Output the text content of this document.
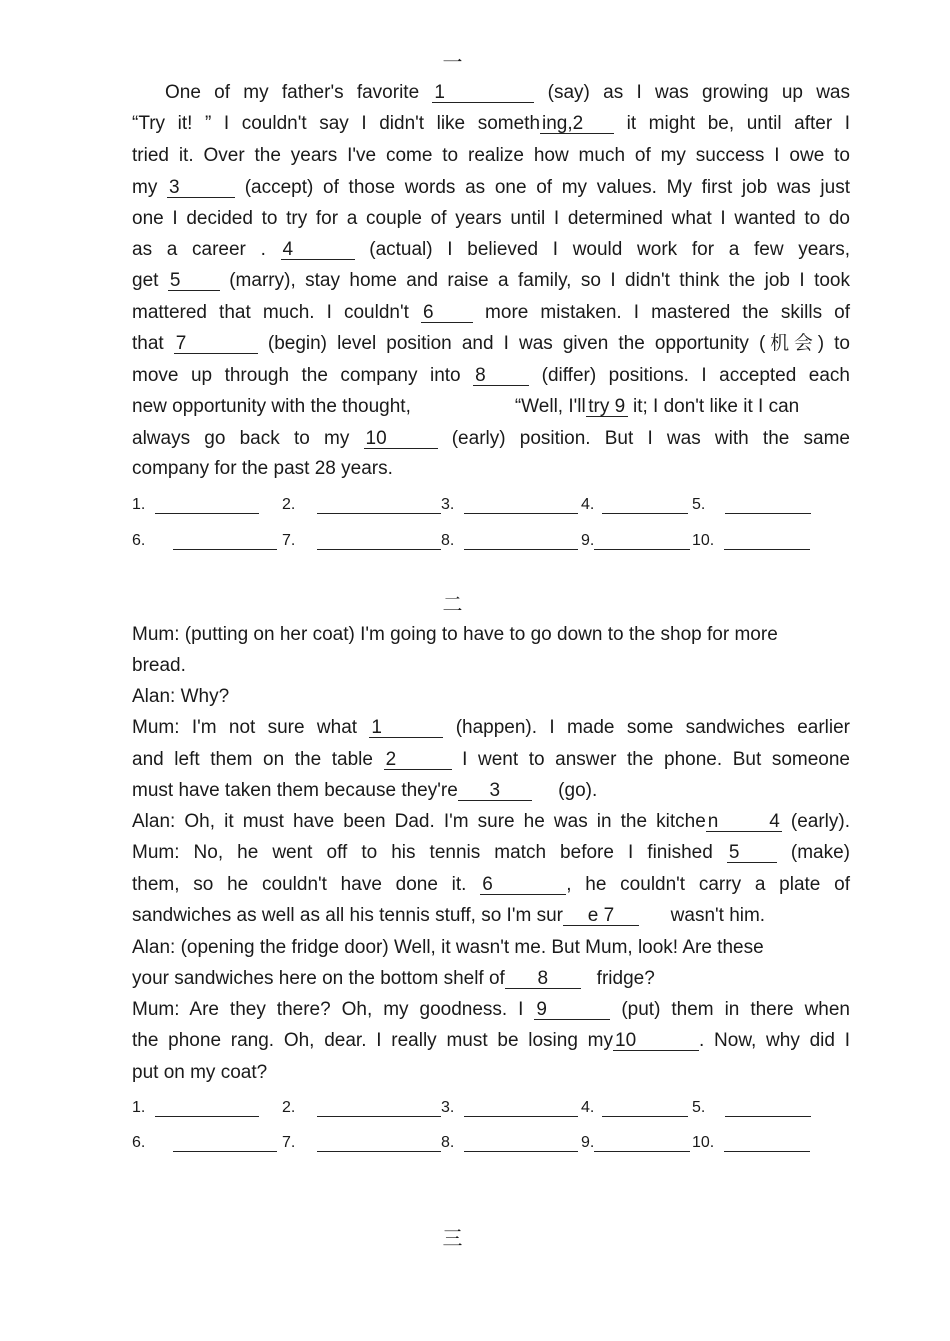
一
One of my father's favorite 1	(say) as I was growing up was
“Try it! ” I couldn't say I didn't like someth ing,2 it might be, until after I
tried it. Over the years I've come to realize how much of my success I owe to
my 3	(accept) of those words as one of my values. My first job was just
one I decided to try for a couple of years until I determined what I wanted to do
as a career . 4	(actual) I believed I would work for a few years,
get 5 (marry), stay home and raise a family, so I didn't think the job I took
mattered that much. I couldn't 6 more mistaken. I mastered the skills of
that 7	(begin) level position and I was given the opportunity (机会) to
move up through the company into 8 (differ) positions. I accepted each
new opportunity with the thought,	“Well, I'll try 9 it; I don't like it I can
always go back to my 10	(early) position. But I was with the same
company for the past 28 years.
1.	2.	3.	4.	5.
6.	7.	8.	9.	10.
二
Mum: (putting on her coat) I'm going to have to go down to the shop for more
bread.
Alan: Why?
Mum: I'm not sure what 1	(happen). I made some sandwiches earlier
and left them on the table 2	I went to answer the phone. But someone
must have taken them because they're 3	(go).
Alan: Oh, it must have been Dad. I'm sure he was in the kitche n 4 (early).
Mum: No, he went off to his tennis match before I finished 5 (make)
them, so he couldn't have done it. 6	, he couldn't carry a plate of
sandwiches as well as all his tennis stuff, so I'm sur e 7	wasn't him.
Alan: (opening the fridge door) Well, it wasn't me. But Mum, look! Are these
your sandwiches here on the bottom shelf of 8   fridge?
Mum: Are they there? Oh, my goodness. I 9	(put) them in there when
the phone rang. Oh, dear. I really must be losing my 10	. Now, why did I
put on my coat?
1.	2.	3.	4.	5.
6.	7.	8.	9.	10.
三
